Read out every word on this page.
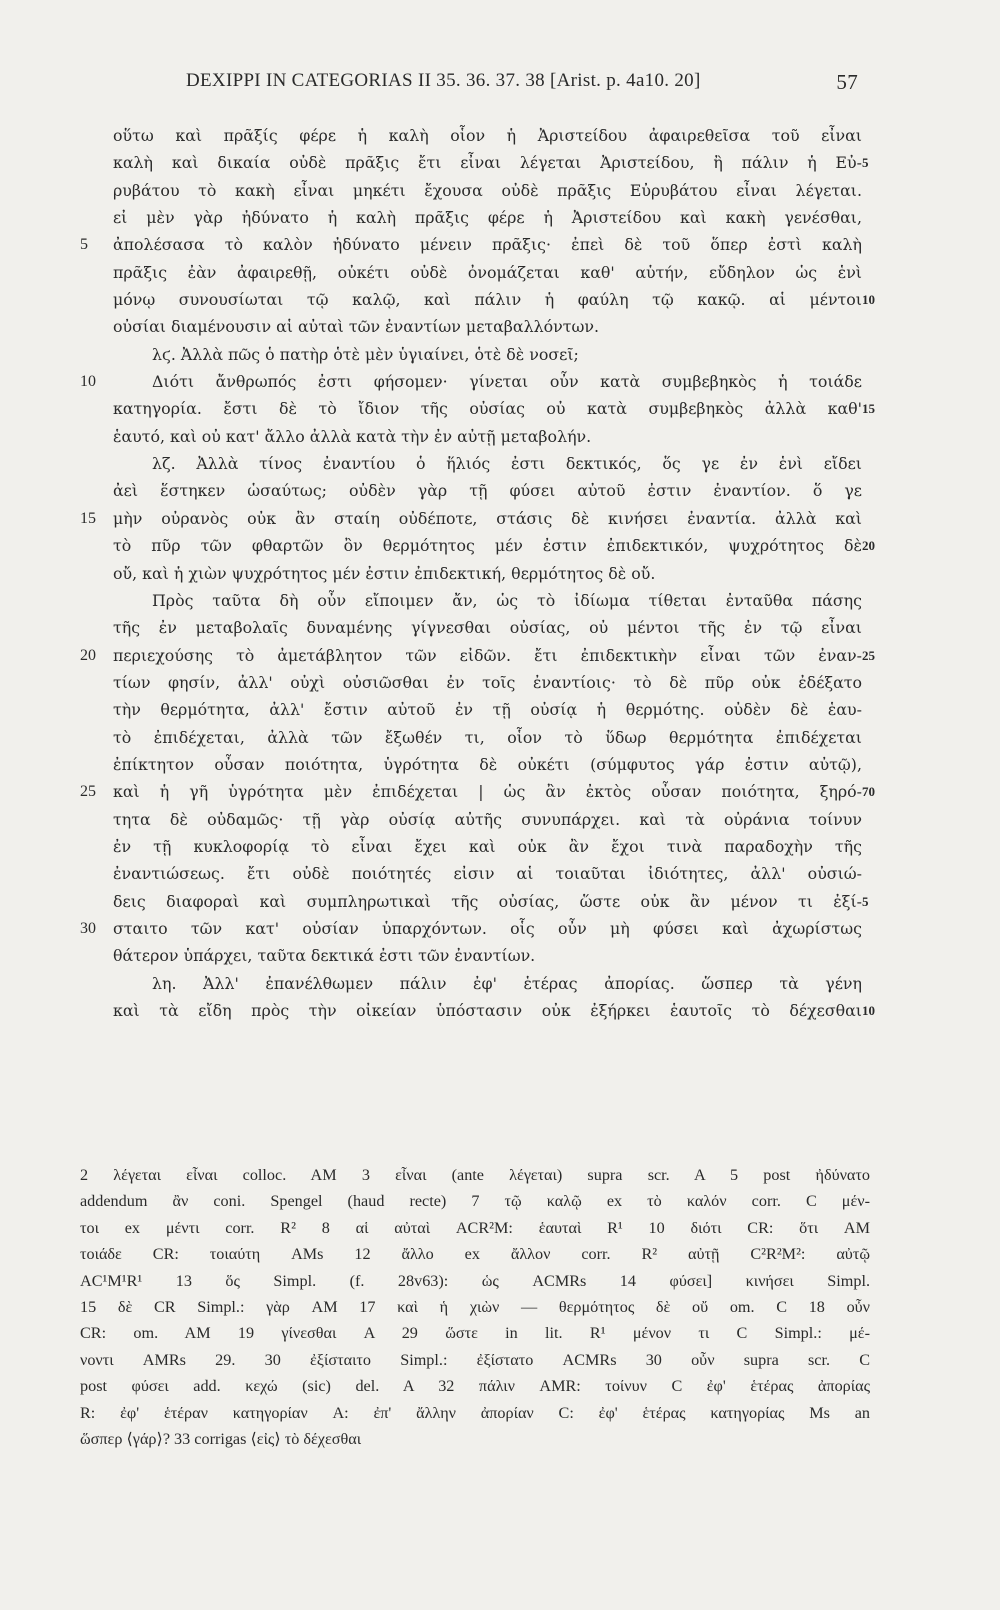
DEXIPPI IN CATEGORIAS II 35. 36. 37. 38 [Arist. p. 4a10. 20]	57
οὕτω καὶ πρᾶξίς φέρε ἡ καλὴ οἷον ἡ Ἀριστείδου ἀφαιρεθεῖσα τοῦ εἶναι
καλὴ καὶ δικαία οὐδὲ πρᾶξις ἔτι εἶναι λέγεται Ἀριστείδου, ἢ πάλιν ἡ Εὐ- 5
ρυβάτου τὸ κακὴ εἶναι μηκέτι ἔχουσα οὐδὲ πρᾶξις Εὐρυβάτου εἶναι λέγεται.
εἰ μὲν γὰρ ἠδύνατο ἡ καλὴ πρᾶξις φέρε ἡ Ἀριστείδου καὶ κακὴ γενέσθαι,
5	ἀπολέσασα τὸ καλὸν ἠδύνατο μένειν πρᾶξις· ἐπεὶ δὲ τοῦ ὅπερ ἐστὶ καλὴ
πρᾶξις ἐὰν ἀφαιρεθῇ, οὐκέτι οὐδὲ ὀνομάζεται καθ' αὑτήν, εὔδηλον ὡς ἑνὶ
μόνῳ συνουσίωται τῷ καλῷ, καὶ πάλιν ἡ φαύλη τῷ κακῷ. αἱ μέντοι 10
οὐσίαι διαμένουσιν αἱ αὐταὶ τῶν ἐναντίων μεταβαλλόντων.
λϛ. Ἀλλὰ πῶς ὁ πατὴρ ὁτὲ μὲν ὑγιαίνει, ὁτὲ δὲ νοσεῖ;
10	Διότι ἄνθρωπός ἐστι φήσομεν· γίνεται οὖν κατὰ συμβεβηκὸς ἡ τοιάδε
κατηγορία. ἔστι δὲ τὸ ἴδιον τῆς οὐσίας οὐ κατὰ συμβεβηκὸς ἀλλὰ καθ' 15
ἑαυτό, καὶ οὐ κατ' ἄλλο ἀλλὰ κατὰ τὴν ἐν αὐτῇ μεταβολήν.
λζ. Ἀλλὰ τίνος ἐναντίου ὁ ἥλιός ἐστι δεκτικός, ὅς γε ἐν ἑνὶ εἴδει
ἀεὶ ἕστηκεν ὡσαύτως; οὐδὲν γὰρ τῇ φύσει αὐτοῦ ἐστιν ἐναντίον. ὅ γε
15	μὴν οὐρανὸς οὐκ ἂν σταίη οὐδέποτε, στάσις δὲ κινήσει ἐναντία. ἀλλὰ καὶ
τὸ πῦρ τῶν φθαρτῶν ὂν θερμότητος μέν ἐστιν ἐπιδεκτικόν, ψυχρότητος δὲ 20
οὔ, καὶ ἡ χιὼν ψυχρότητος μέν ἐστιν ἐπιδεκτική, θερμότητος δὲ οὔ.
Πρὸς ταῦτα δὴ οὖν εἴποιμεν ἄν, ὡς τὸ ἰδίωμα τίθεται ἐνταῦθα πάσης
τῆς ἐν μεταβολαῖς δυναμένης γίγνεσθαι οὐσίας, οὐ μέντοι τῆς ἐν τῷ εἶναι
20	περιεχούσης τὸ ἀμετάβλητον τῶν εἰδῶν. ἔτι ἐπιδεκτικὴν εἶναι τῶν ἐναν- 25
τίων φησίν, ἀλλ' οὐχὶ οὐσιῶσθαι ἐν τοῖς ἐναντίοις· τὸ δὲ πῦρ οὐκ ἐδέξατο
τὴν θερμότητα, ἀλλ' ἔστιν αὐτοῦ ἐν τῇ οὐσίᾳ ἡ θερμότης. οὐδὲν δὲ ἑαυ-
τὸ ἐπιδέχεται, ἀλλὰ τῶν ἔξωθέν τι, οἷον τὸ ὕδωρ θερμότητα ἐπιδέχεται
ἐπίκτητον οὖσαν ποιότητα, ὑγρότητα δὲ οὐκέτι (σύμφυτος γάρ ἐστιν αὐτῷ),
25	καὶ ἡ γῆ ὑγρότητα μὲν ἐπιδέχεται | ὡς ἂν ἐκτὸς οὖσαν ποιότητα, ξηρό- 70
τητα δὲ οὐδαμῶς· τῇ γὰρ οὐσίᾳ αὐτῆς συνυπάρχει. καὶ τὰ οὐράνια τοίνυν
ἐν τῇ κυκλοφορίᾳ τὸ εἶναι ἔχει καὶ οὐκ ἂν ἔχοι τινὰ παραδοχὴν τῆς
ἐναντιώσεως. ἔτι οὐδὲ ποιότητές εἰσιν αἱ τοιαῦται ἰδιότητες, ἀλλ' οὐσιώ-
δεις διαφοραὶ καὶ συμπληρωτικαὶ τῆς οὐσίας, ὥστε οὐκ ἂν μένον τι ἐξί- 5
30	σταιτο τῶν κατ' οὐσίαν ὑπαρχόντων. οἷς οὖν μὴ φύσει καὶ ἀχωρίστως
θάτερον ὑπάρχει, ταῦτα δεκτικά ἐστι τῶν ἐναντίων.
λη. Ἀλλ' ἐπανέλθωμεν πάλιν ἐφ' ἑτέρας ἀπορίας. ὥσπερ τὰ γένη
καὶ τὰ εἴδη πρὸς τὴν οἰκείαν ὑπόστασιν οὐκ ἐξήρκει ἑαυτοῖς τὸ δέχεσθαι 10
2 λέγεται εἶναι colloc. AM 3 εἶναι (ante λέγεται) supra scr. A 5 post ἠδύνατο
addendum ἂν coni. Spengel (haud recte) 7 τῷ καλῷ ex τὸ καλόν corr. C μέν-
τοι ex μέντι corr. R² 8 αἱ αὐταὶ ACR²M: ἑαυταὶ R¹ 10 διότι CR: ὅτι AM
τοιάδε CR: τοιαύτη AMs 12 ἄλλο ex ἄλλον corr. R² αὐτῇ C²R²M²: αὐτῷ
AC¹M¹R¹ 13 ὅς Simpl. (f. 28v63): ὡς ACMRs 14 φύσει] κινήσει Simpl.
15 δὲ CR Simpl.: γὰρ AM 17 καὶ ἡ χιὼν — θερμότητος δὲ οὔ om. C 18 οὖν
CR: om. AM 19 γίνεσθαι A 29 ὥστε in lit. R¹ μένον τι C Simpl.: μέ-
νοντι AMRs 29. 30 ἐξίσταιτο Simpl.: ἐξίστατο ACMRs 30 οὖν supra scr. C
post φύσει add. κεχώ (sic) del. A 32 πάλιν AMR: τοίνυν C ἐφ' ἑτέρας ἀπορίας
R: ἐφ' ἑτέραν κατηγορίαν A: ἐπ' ἄλλην ἀπορίαν C: ἐφ' ἑτέρας κατηγορίας Ms an
ὥσπερ ⟨γάρ⟩? 33 corrigas ⟨εἰς⟩ τὸ δέχεσθαι
